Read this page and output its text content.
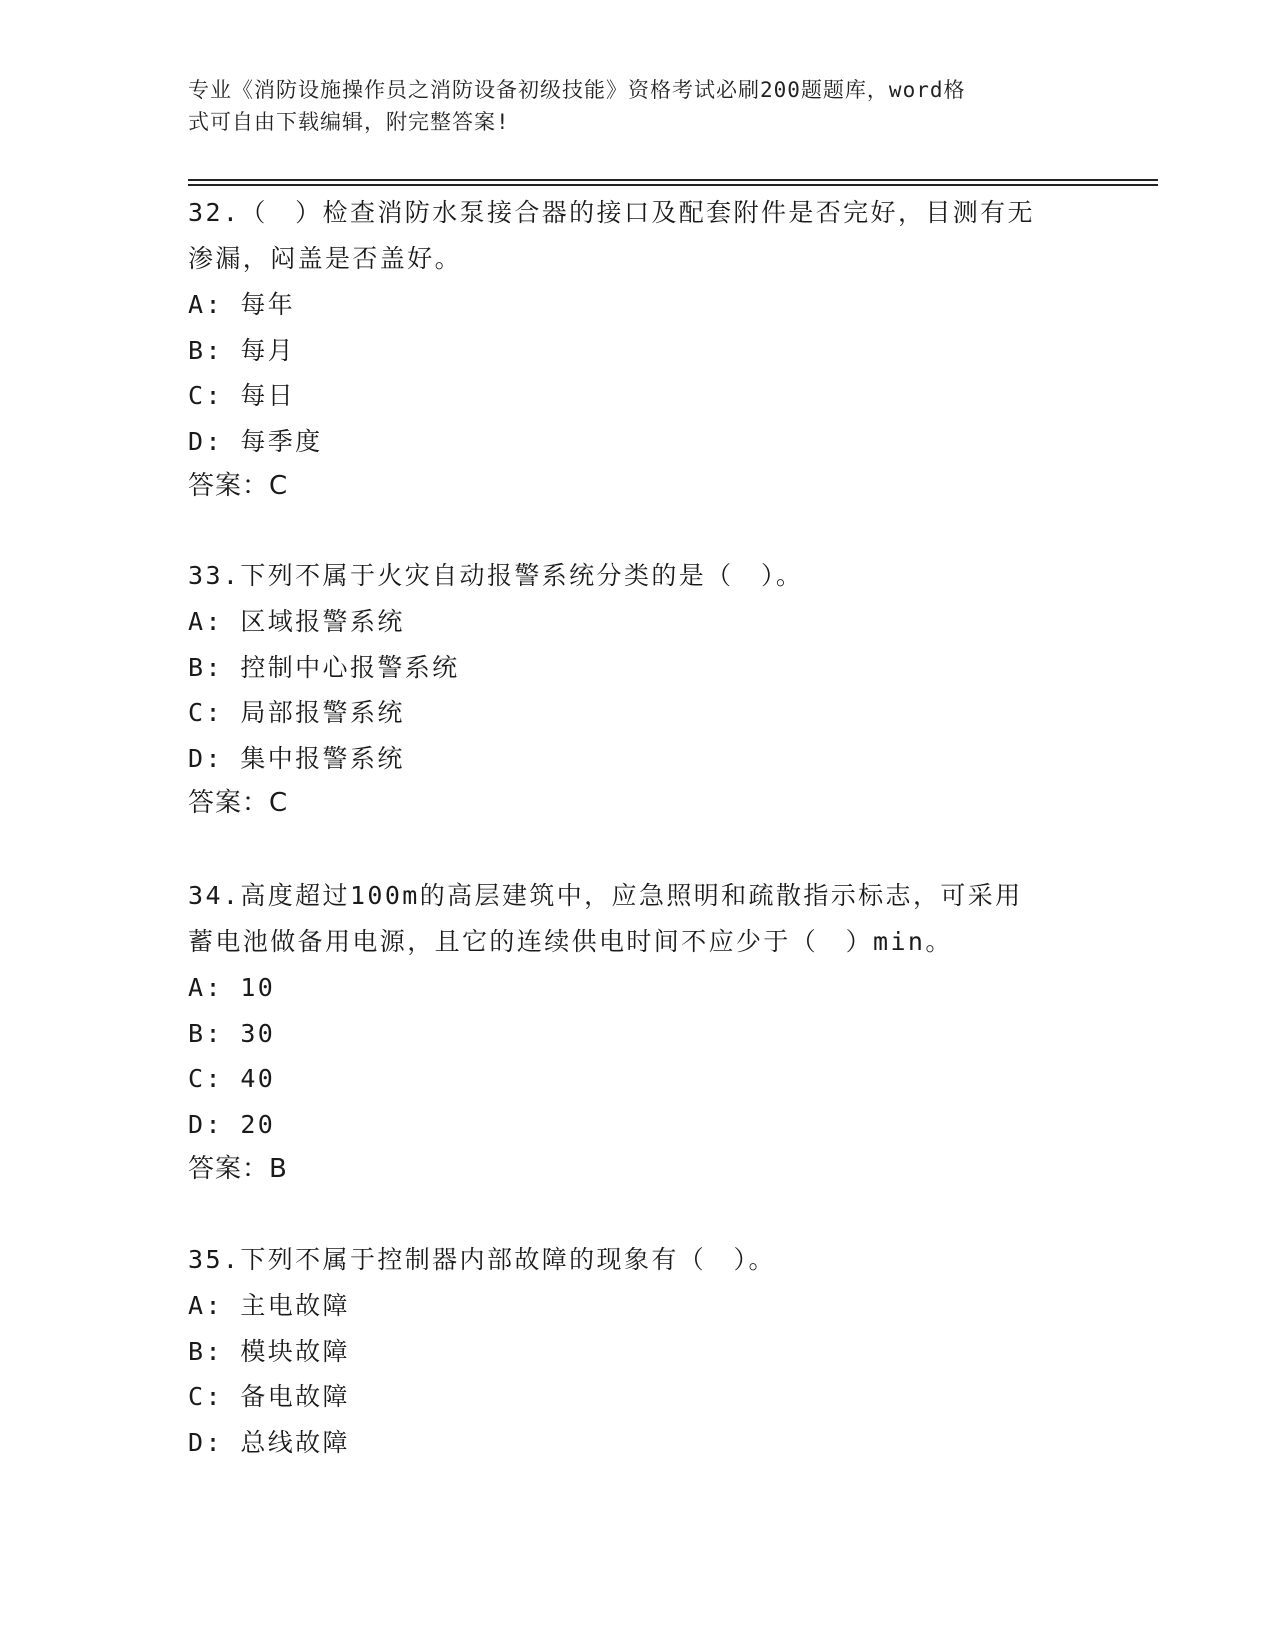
专业《消防设施操作员之消防设备初级技能》资格考试必刷200题题库，word格
式可自由下载编辑，附完整答案!

32.（　）检查消防水泵接合器的接口及配套附件是否完好，目测有无

渗漏，闷盖是否盖好。

A: 每年

B: 每月

C: 每日

D: 每季度

答案：C

33.下列不属于火灾自动报警系统分类的是（　）。

A: 区域报警系统

B: 控制中心报警系统

C: 局部报警系统

D: 集中报警系统

答案：C

34.高度超过100m的高层建筑中，应急照明和疏散指示标志，可采用

蓄电池做备用电源，且它的连续供电时间不应少于（　）min。

A: 10

B: 30

C: 40

D: 20

答案：B

35.下列不属于控制器内部故障的现象有（　）。

A: 主电故障

B: 模块故障

C: 备电故障

D: 总线故障
